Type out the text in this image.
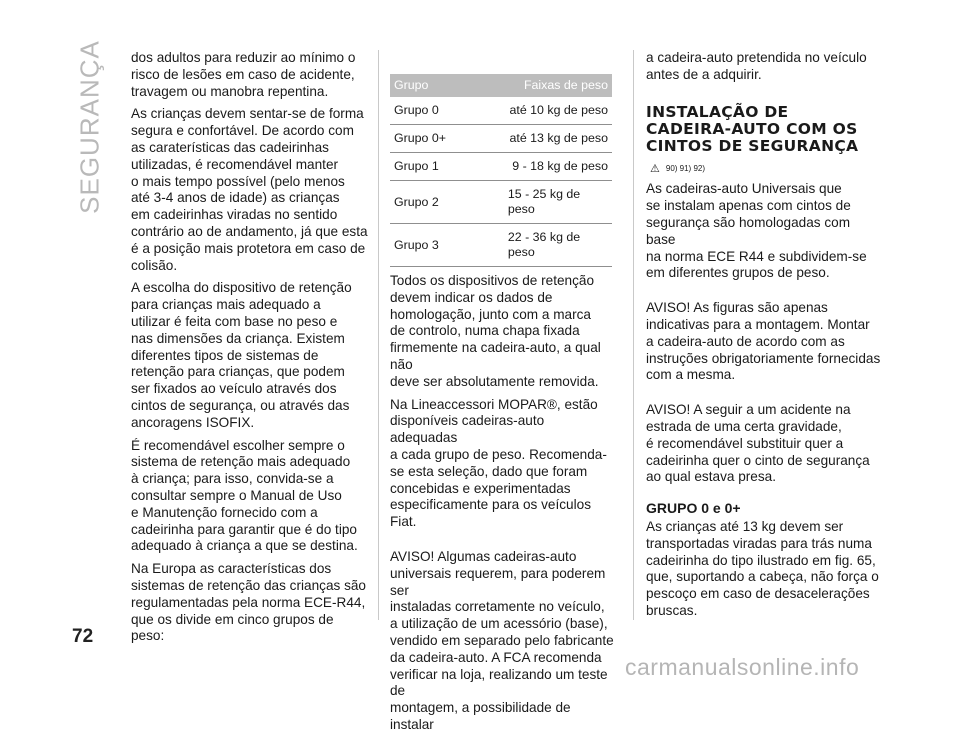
SEGURANÇA
72

dos adultos para reduzir ao mínimo o
risco de lesões em caso de acidente,
travagem ou manobra repentina.

As crianças devem sentar-se de forma
segura e confortável. De acordo com
as caraterísticas das cadeirinhas
utilizadas, é recomendável manter
o mais tempo possível (pelo menos
até 3-4 anos de idade) as crianças
em cadeirinhas viradas no sentido
contrário ao de andamento, já que esta
é a posição mais protetora em caso de
colisão.

A escolha do dispositivo de retenção
para crianças mais adequado a
utilizar é feita com base no peso e
nas dimensões da criança. Existem
diferentes tipos de sistemas de
retenção para crianças, que podem
ser fixados ao veículo através dos
cintos de segurança, ou através das
ancoragens ISOFIX.

É recomendável escolher sempre o
sistema de retenção mais adequado
à criança; para isso, convida-se a
consultar sempre o Manual de Uso
e Manutenção fornecido com a
cadeirinha para garantir que é do tipo
adequado à criança a que se destina.

Na Europa as características dos
sistemas de retenção das crianças são
regulamentadas pela norma ECE-R44,
que os divide em cinco grupos de
peso:

Grupo	Faixas de peso
Grupo 0	até 10 kg de peso
Grupo 0+	até 13 kg de peso
Grupo 1	9 - 18 kg de peso
Grupo 2	15 - 25 kg de
peso
Grupo 3	22 - 36 kg de
peso

Todos os dispositivos de retenção
devem indicar os dados de
homologação, junto com a marca
de controlo, numa chapa fixada
firmemente na cadeira-auto, a qual não
deve ser absolutamente removida.

Na Lineaccessori MOPAR®, estão
disponíveis cadeiras-auto adequadas
a cada grupo de peso. Recomenda-
se esta seleção, dado que foram
concebidas e experimentadas
especificamente para os veículos Fiat.

AVISO! Algumas cadeiras-auto
universais requerem, para poderem ser
instaladas corretamente no veículo,
a utilização de um acessório (base),
vendido em separado pelo fabricante
da cadeira-auto. A FCA recomenda
verificar na loja, realizando um teste de
montagem, a possibilidade de instalar

a cadeira-auto pretendida no veículo
antes de a adquirir.

INSTALAÇÃO DE
CADEIRA-AUTO COM OS
CINTOS DE SEGURANÇA
⚠ 90) 91) 92)

As cadeiras-auto Universais que
se instalam apenas com cintos de
segurança são homologadas com base
na norma ECE R44 e subdividem-se
em diferentes grupos de peso.

AVISO! As figuras são apenas
indicativas para a montagem. Montar
a cadeira-auto de acordo com as
instruções obrigatoriamente fornecidas
com a mesma.

AVISO! A seguir a um acidente na
estrada de uma certa gravidade,
é recomendável substituir quer a
cadeirinha quer o cinto de segurança
ao qual estava presa.

GRUPO 0 e 0+

As crianças até 13 kg devem ser
transportadas viradas para trás numa
cadeirinha do tipo ilustrado em fig. 65,
que, suportando a cabeça, não força o
pescoço em caso de desacelerações
bruscas.

carmanualsonline.info
